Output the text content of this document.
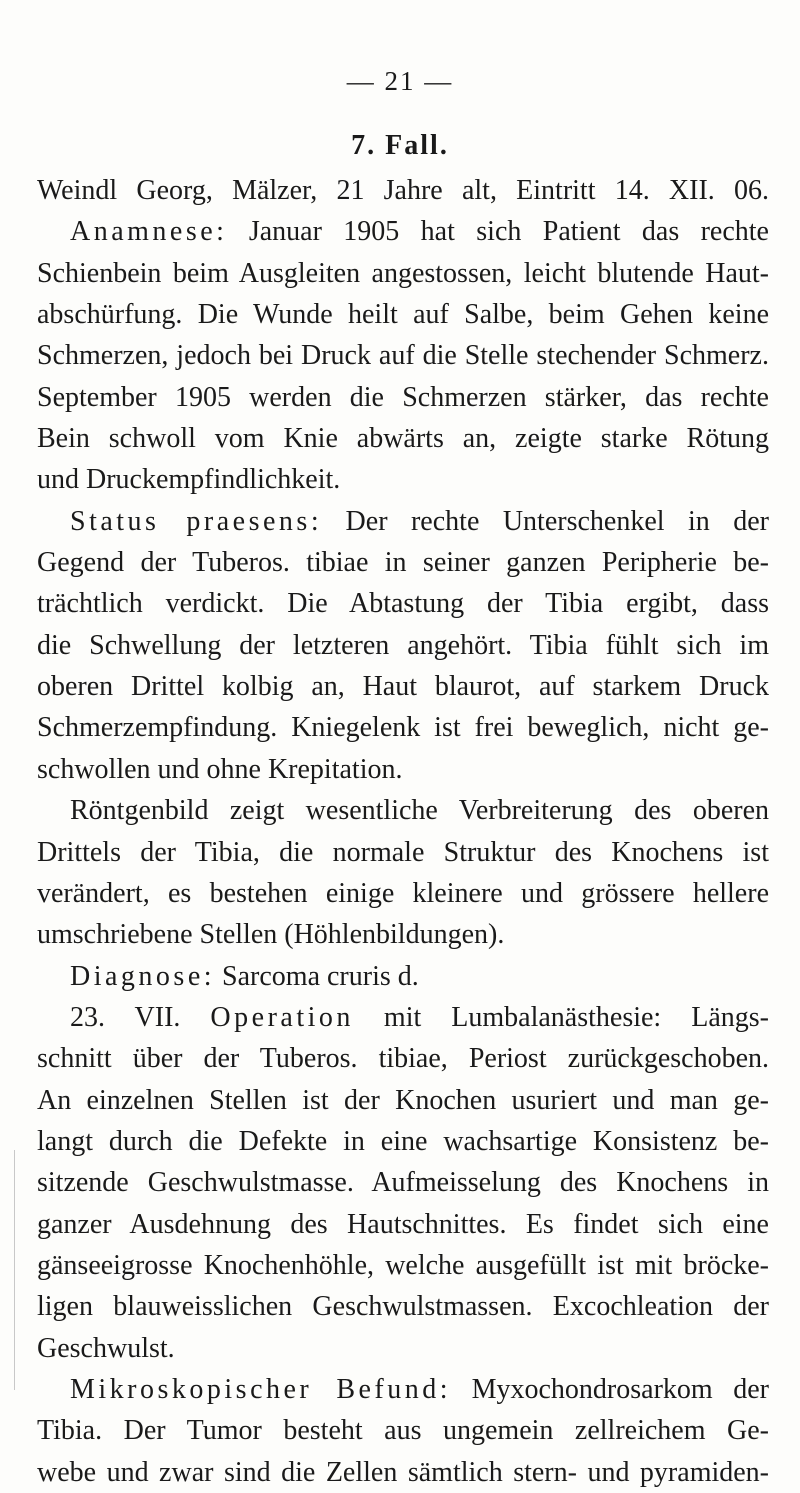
— 21 —
7. Fall.
Weindl Georg, Mälzer, 21 Jahre alt, Eintritt 14. XII. 06.
Anamnese: Januar 1905 hat sich Patient das rechte
Schienbein beim Ausgleiten angestossen, leicht blutende Haut-
abschürfung. Die Wunde heilt auf Salbe, beim Gehen keine
Schmerzen, jedoch bei Druck auf die Stelle stechender Schmerz.
September 1905 werden die Schmerzen stärker, das rechte
Bein schwoll vom Knie abwärts an, zeigte starke Rötung
und Druckempfindlichkeit.
Status praesens: Der rechte Unterschenkel in der
Gegend der Tuberos. tibiae in seiner ganzen Peripherie be-
trächtlich verdickt. Die Abtastung der Tibia ergibt, dass
die Schwellung der letzteren angehört. Tibia fühlt sich im
oberen Drittel kolbig an, Haut blaurot, auf starkem Druck
Schmerzempfindung. Kniegelenk ist frei beweglich, nicht ge-
schwollen und ohne Krepitation.
Röntgenbild zeigt wesentliche Verbreiterung des oberen
Drittels der Tibia, die normale Struktur des Knochens ist
verändert, es bestehen einige kleinere und grössere hellere
umschriebene Stellen (Höhlenbildungen).
Diagnose: Sarcoma cruris d.
23. VII. Operation mit Lumbalanästhesie: Längs-
schnitt über der Tuberos. tibiae, Periost zurückgeschoben.
An einzelnen Stellen ist der Knochen usuriert und man ge-
langt durch die Defekte in eine wachsartige Konsistenz be-
sitzende Geschwulstmasse. Aufmeisselung des Knochens in
ganzer Ausdehnung des Hautschnittes. Es findet sich eine
gänseeigrosse Knochenhöhle, welche ausgefüllt ist mit bröcke-
ligen blauweisslichen Geschwulstmassen. Excochleation der
Geschwulst.
Mikroskopischer Befund: Myxochondrosarkom der
Tibia. Der Tumor besteht aus ungemein zellreichem Ge-
webe und zwar sind die Zellen sämtlich stern- und pyramiden-
